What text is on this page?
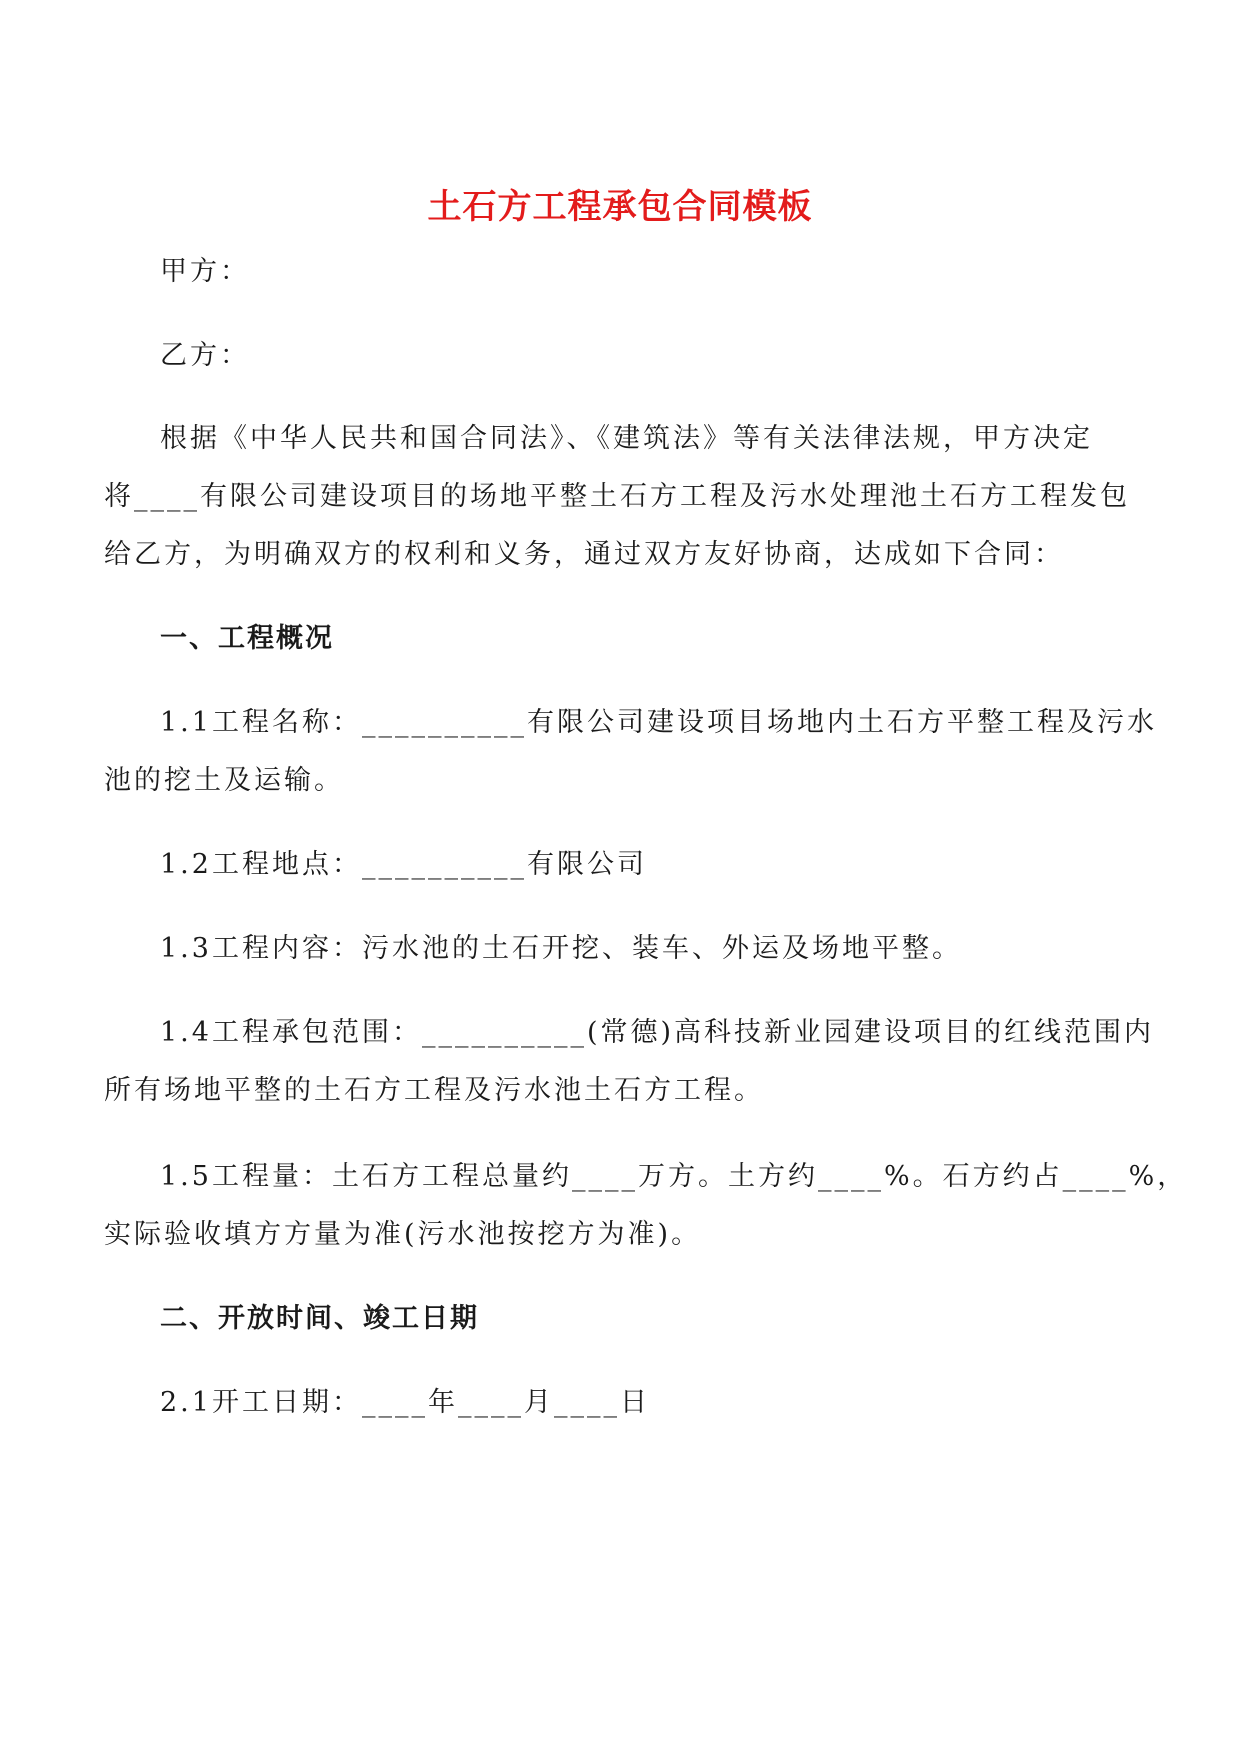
土石方工程承包合同模板
甲方：
乙方：
根据《中华人民共和国合同法》、《建筑法》等有关法律法规，甲方决定
将____有限公司建设项目的场地平整土石方工程及污水处理池土石方工程发包
给乙方，为明确双方的权利和义务，通过双方友好协商，达成如下合同：
一、工程概况
1.1工程名称：__________有限公司建设项目场地内土石方平整工程及污水
池的挖土及运输。
1.2工程地点：__________有限公司
1.3工程内容：污水池的土石开挖、装车、外运及场地平整。
1.4工程承包范围：__________(常德)高科技新业园建设项目的红线范围内
所有场地平整的土石方工程及污水池土石方工程。
1.5工程量：土石方工程总量约____万方。土方约____%。石方约占____%，
实际验收填方方量为准(污水池按挖方为准)。
二、开放时间、竣工日期
2.1开工日期：____年____月____日
